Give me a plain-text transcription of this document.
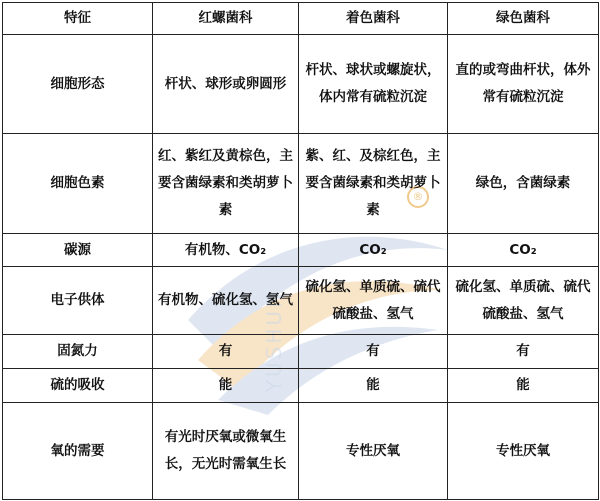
YUSHUN
®
特征	红螺菌科	着色菌科	绿色菌科
细胞形态	杆状、球形或卵圆形	杆状、球状或螺旋状，体内常有硫粒沉淀	直的或弯曲杆状，体外常有硫粒沉淀
细胞色素	红、紫红及黄棕色，主要含菌绿素和类胡萝卜素	紫、红、及棕红色，主要含菌绿素和类胡萝卜素	绿色，含菌绿素
碳源	有机物、CO₂	CO₂	CO₂
电子供体	有机物、硫化氢、氢气	硫化氢、单质硫、硫代硫酸盐、氢气	硫化氢、单质硫、硫代硫酸盐、氢气
固氮力	有	有	有
硫的吸收	能	能	能
氧的需要	有光时厌氧或微氧生长，无光时需氧生长	专性厌氧	专性厌氧
